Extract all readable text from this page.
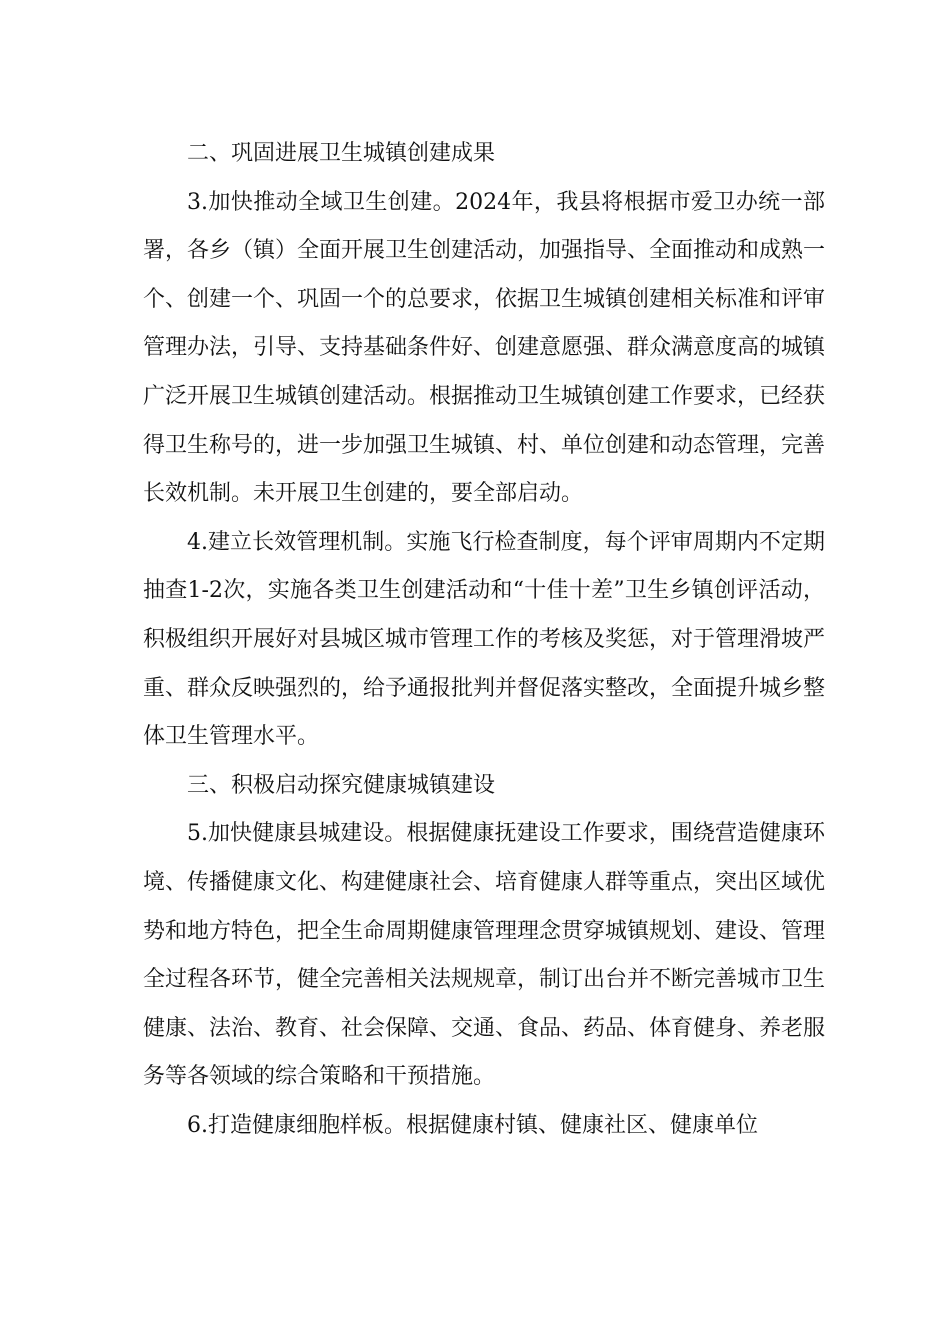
二、巩固进展卫生城镇创建成果

3.加快推动全域卫生创建。2024年，我县将根据市爱卫办统一部署，各乡（镇）全面开展卫生创建活动，加强指导、全面推动和成熟一个、创建一个、巩固一个的总要求，依据卫生城镇创建相关标准和评审管理办法，引导、支持基础条件好、创建意愿强、群众满意度高的城镇广泛开展卫生城镇创建活动。根据推动卫生城镇创建工作要求，已经获得卫生称号的，进一步加强卫生城镇、村、单位创建和动态管理，完善长效机制。未开展卫生创建的，要全部启动。

4.建立长效管理机制。实施飞行检查制度，每个评审周期内不定期抽查1-2次，实施各类卫生创建活动和“十佳十差”卫生乡镇创评活动，积极组织开展好对县城区城市管理工作的考核及奖惩，对于管理滑坡严重、群众反映强烈的，给予通报批判并督促落实整改，全面提升城乡整体卫生管理水平。

三、积极启动探究健康城镇建设

5.加快健康县城建设。根据健康抚建设工作要求，围绕营造健康环境、传播健康文化、构建健康社会、培育健康人群等重点，突出区域优势和地方特色，把全生命周期健康管理理念贯穿城镇规划、建设、管理全过程各环节，健全完善相关法规规章，制订出台并不断完善城市卫生健康、法治、教育、社会保障、交通、食品、药品、体育健身、养老服务等各领域的综合策略和干预措施。

6.打造健康细胞样板。根据健康村镇、健康社区、健康单位
